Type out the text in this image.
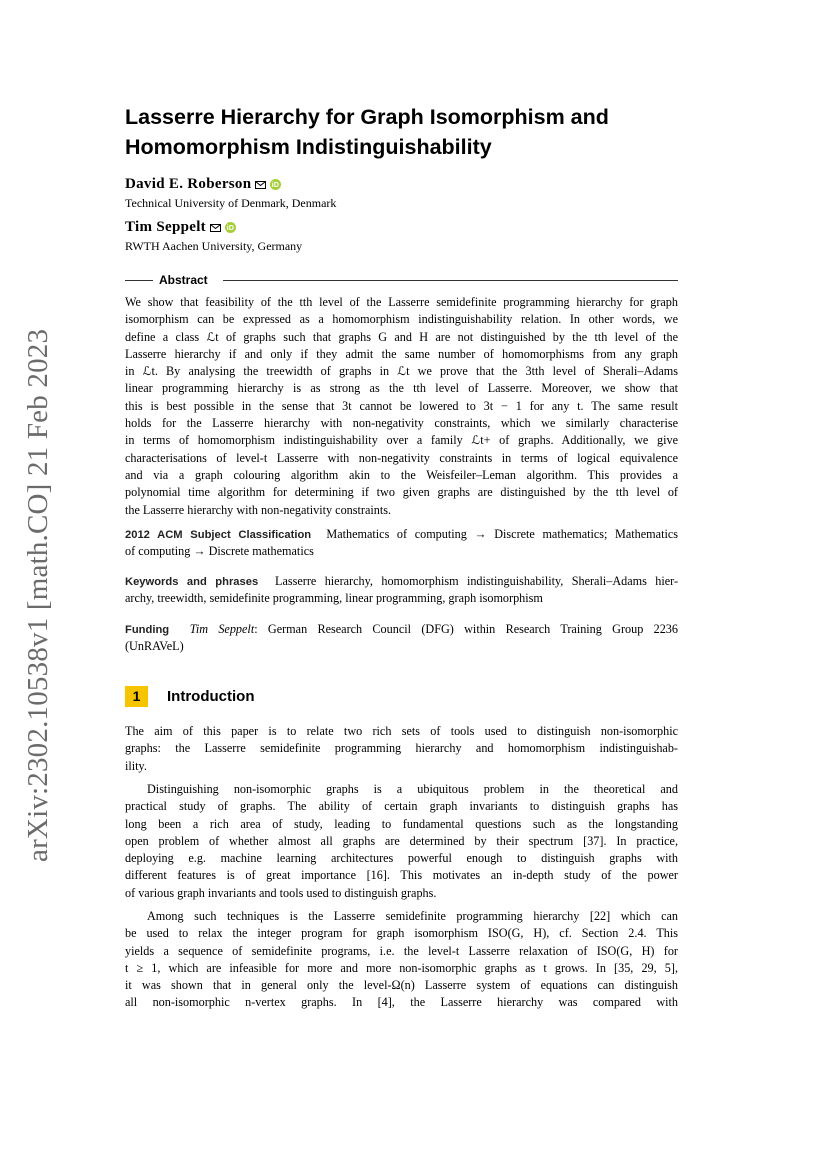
arXiv:2302.10538v1 [math.CO] 21 Feb 2023
Lasserre Hierarchy for Graph Isomorphism and
Homomorphism Indistinguishability
David E. Roberson	iD
Technical University of Denmark, Denmark
Tim Seppelt	iD
RWTH Aachen University, Germany
Abstract
We show that feasibility of the tth level of the Lasserre semidefinite programming hierarchy for graph
isomorphism can be expressed as a homomorphism indistinguishability relation. In other words, we
define a class ℒt of graphs such that graphs G and H are not distinguished by the tth level of the
Lasserre hierarchy if and only if they admit the same number of homomorphisms from any graph
in ℒt. By analysing the treewidth of graphs in ℒt we prove that the 3tth level of Sherali–Adams
linear programming hierarchy is as strong as the tth level of Lasserre. Moreover, we show that
this is best possible in the sense that 3t cannot be lowered to 3t − 1 for any t. The same result
holds for the Lasserre hierarchy with non-negativity constraints, which we similarly characterise
in terms of homomorphism indistinguishability over a family ℒt+ of graphs. Additionally, we give
characterisations of level-t Lasserre with non-negativity constraints in terms of logical equivalence
and via a graph colouring algorithm akin to the Weisfeiler–Leman algorithm. This provides a
polynomial time algorithm for determining if two given graphs are distinguished by the tth level of
the Lasserre hierarchy with non-negativity constraints.
2012 ACM Subject Classification Mathematics of computing → Discrete mathematics; Mathematics
of computing → Discrete mathematics
Keywords and phrases Lasserre hierarchy, homomorphism indistinguishability, Sherali–Adams hier-
archy, treewidth, semidefinite programming, linear programming, graph isomorphism
Funding Tim Seppelt: German Research Council (DFG) within Research Training Group 2236
(UnRAVeL)
1	Introduction
The aim of this paper is to relate two rich sets of tools used to distinguish non-isomorphic
graphs: the Lasserre semidefinite programming hierarchy and homomorphism indistinguishab-
ility.
Distinguishing non-isomorphic graphs is a ubiquitous problem in the theoretical and
practical study of graphs. The ability of certain graph invariants to distinguish graphs has
long been a rich area of study, leading to fundamental questions such as the longstanding
open problem of whether almost all graphs are determined by their spectrum [37]. In practice,
deploying e.g. machine learning architectures powerful enough to distinguish graphs with
different features is of great importance [16]. This motivates an in-depth study of the power
of various graph invariants and tools used to distinguish graphs.
Among such techniques is the Lasserre semidefinite programming hierarchy [22] which can
be used to relax the integer program for graph isomorphism ISO(G, H), cf. Section 2.4. This
yields a sequence of semidefinite programs, i.e. the level-t Lasserre relaxation of ISO(G, H) for
t ≥ 1, which are infeasible for more and more non-isomorphic graphs as t grows. In [35, 29, 5],
it was shown that in general only the level-Ω(n) Lasserre system of equations can distinguish
all non-isomorphic n-vertex graphs. In [4], the Lasserre hierarchy was compared with
